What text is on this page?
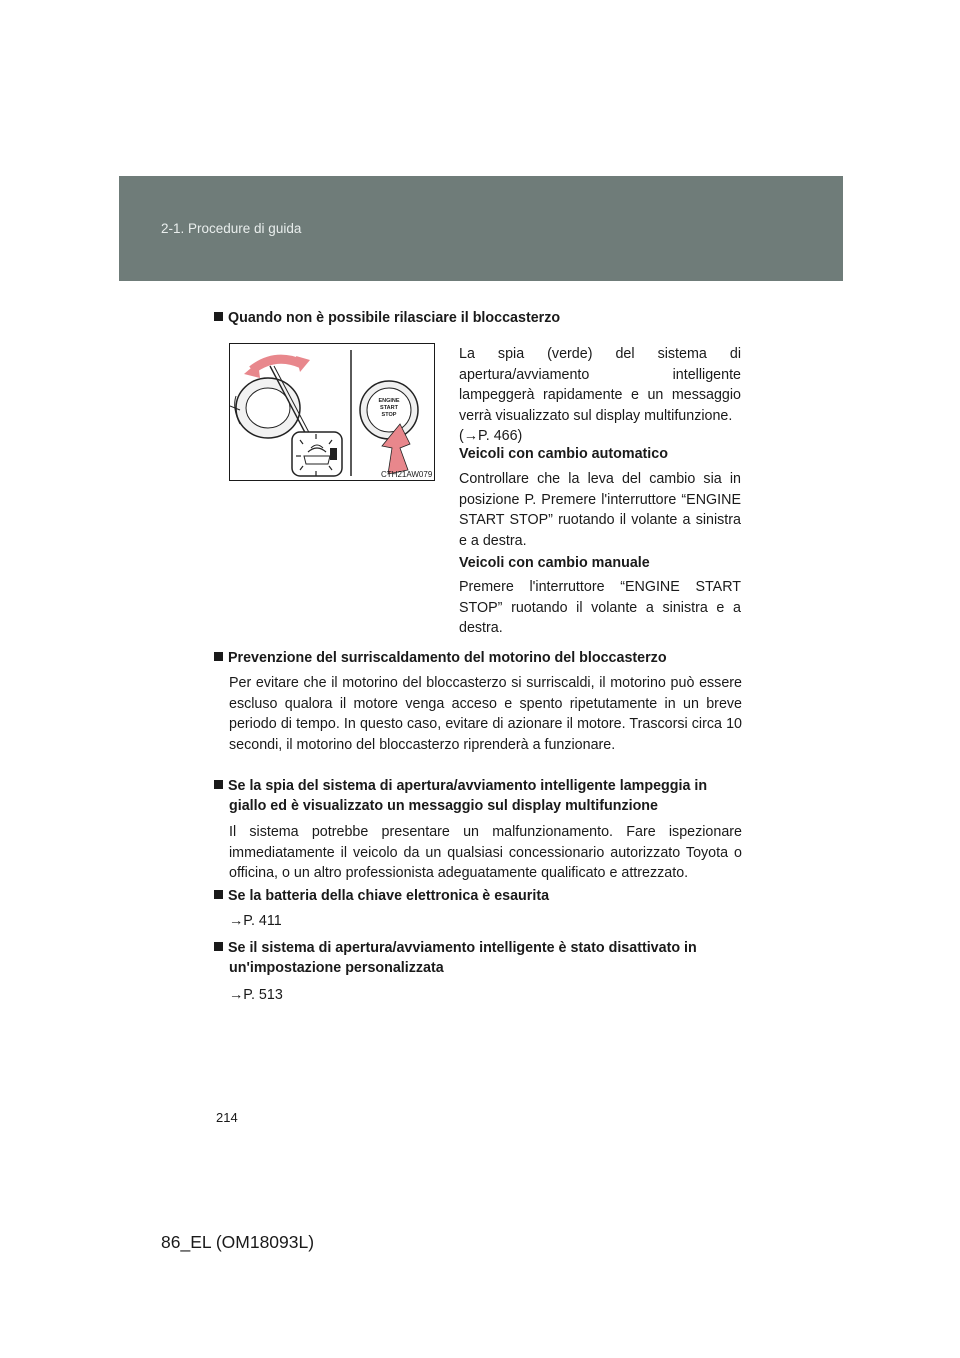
2-1. Procedure di guida
Quando non è possibile rilasciare il bloccasterzo
ENGINE
START
STOP
CTH21AW079
La spia (verde) del sistema di apertura/avviamento intelligente lampeggerà rapidamente e un messaggio verrà visualizzato sul display multifunzione.
(→P. 466)
Veicoli con cambio automatico
Controllare che la leva del cambio sia in posizione P. Premere l'interruttore “ENGINE START STOP” ruotando il volante a sinistra e a destra.
Veicoli con cambio manuale
Premere l'interruttore “ENGINE START STOP” ruotando il volante a sinistra e a destra.
Prevenzione del surriscaldamento del motorino del bloccasterzo
Per evitare che il motorino del bloccasterzo si surriscaldi, il motorino può essere escluso qualora il motore venga acceso e spento ripetutamente in un breve periodo di tempo. In questo caso, evitare di azionare il motore. Trascorsi circa 10 secondi, il motorino del bloccasterzo riprenderà a funzionare.
Se la spia del sistema di apertura/avviamento intelligente lampeggia in
giallo ed è visualizzato un messaggio sul display multifunzione
Il sistema potrebbe presentare un malfunzionamento. Fare ispezionare immediatamente il veicolo da un qualsiasi concessionario autorizzato Toyota o officina, o un altro professionista adeguatamente qualificato e attrezzato.
Se la batteria della chiave elettronica è esaurita
→P. 411
Se il sistema di apertura/avviamento intelligente è stato disattivato in
un'impostazione personalizzata
→P. 513
214
86_EL (OM18093L)
